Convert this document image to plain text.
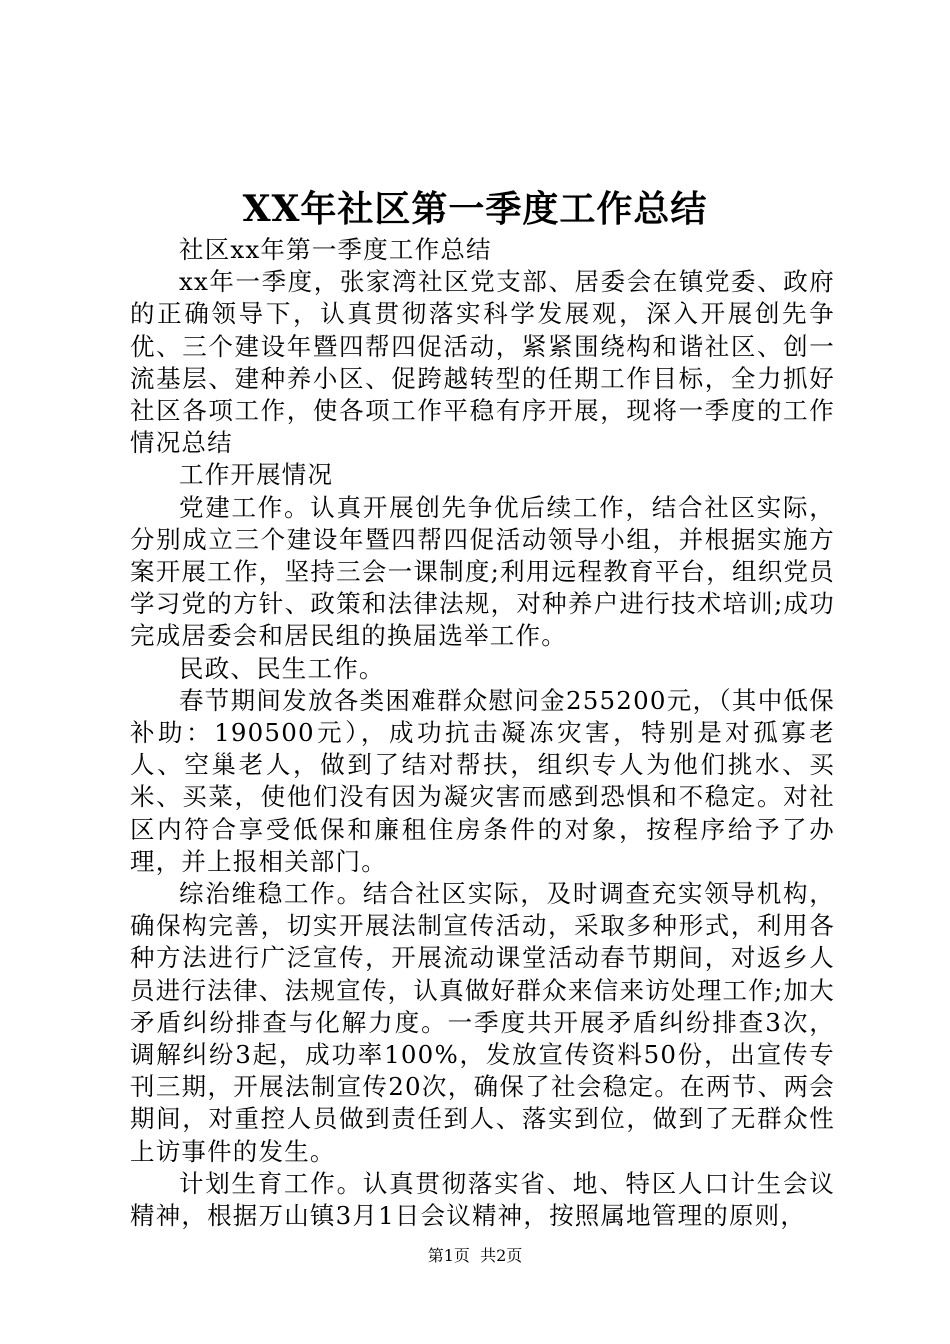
XX年社区第一季度工作总结

社区xx年第一季度工作总结

xx年一季度，张家湾社区党支部、居委会在镇党委、政府的正确领导下，认真贯彻落实科学发展观，深入开展创先争优、三个建设年暨四帮四促活动，紧紧围绕构和谐社区、创一流基层、建种养小区、促跨越转型的任期工作目标，全力抓好社区各项工作，使各项工作平稳有序开展，现将一季度的工作情况总结

工作开展情况

党建工作。认真开展创先争优后续工作，结合社区实际，分别成立三个建设年暨四帮四促活动领导小组，并根据实施方案开展工作，坚持三会一课制度;利用远程教育平台，组织党员学习党的方针、政策和法律法规，对种养户进行技术培训;成功完成居委会和居民组的换届选举工作。

民政、民生工作。

春节期间发放各类困难群众慰问金255200元，（其中低保补助：190500元），成功抗击凝冻灾害，特别是对孤寡老人、空巢老人，做到了结对帮扶，组织专人为他们挑水、买米、买菜，使他们没有因为凝灾害而感到恐惧和不稳定。对社区内符合享受低保和廉租住房条件的对象，按程序给予了办理，并上报相关部门。

综治维稳工作。结合社区实际，及时调查充实领导机构，确保构完善，切实开展法制宣传活动，采取多种形式，利用各种方法进行广泛宣传，开展流动课堂活动春节期间，对返乡人员进行法律、法规宣传，认真做好群众来信来访处理工作;加大矛盾纠纷排查与化解力度。一季度共开展矛盾纠纷排查3次，调解纠纷3起，成功率100%，发放宣传资料50份，出宣传专刊三期，开展法制宣传20次，确保了社会稳定。在两节、两会期间，对重控人员做到责任到人、落实到位，做到了无群众性上访事件的发生。

计划生育工作。认真贯彻落实省、地、特区人口计生会议精神，根据万山镇3月1日会议精神，按照属地管理的原则，

第1页 共2页
